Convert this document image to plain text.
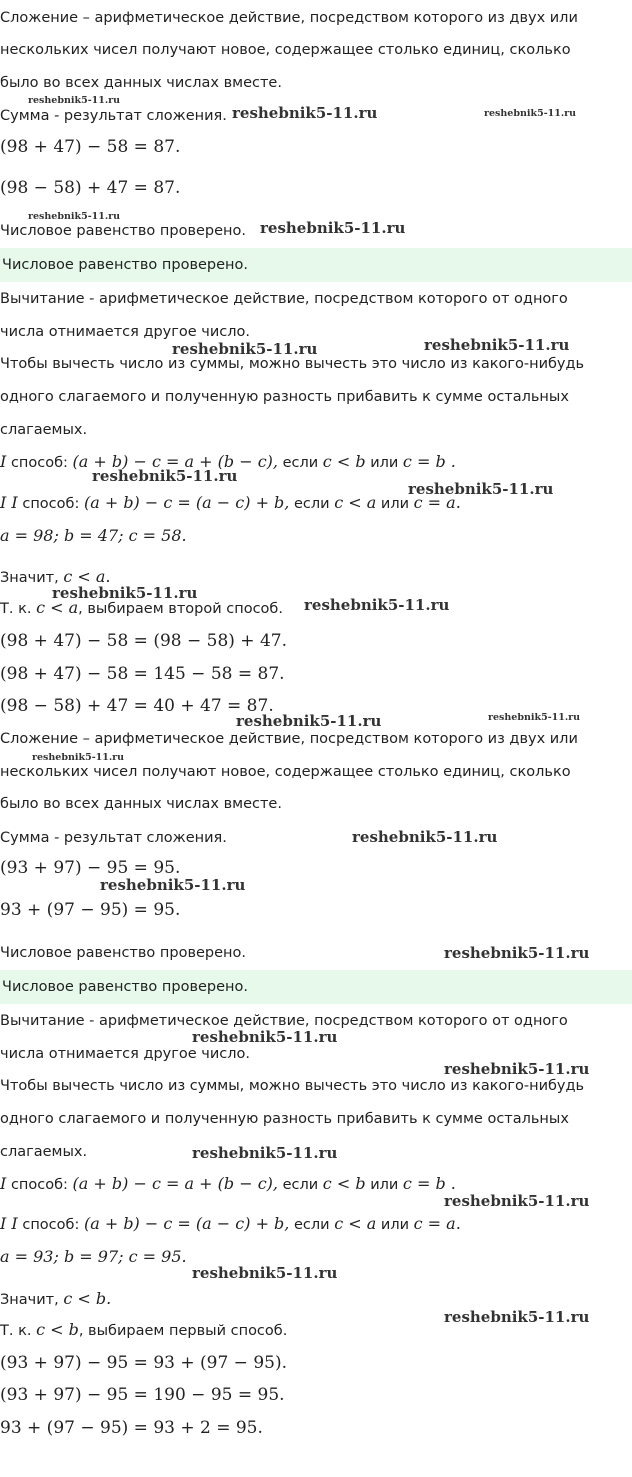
Сложение – арифметическое действие, посредством которого из двух или
нескольких чисел получают новое, содержащее столько единиц, сколько
было во всех данных числах вместе.
Сумма - результат сложения.
(98 + 47) − 58 = 87.
(98 − 58) + 47 = 87.
Числовое равенство проверено.
Числовое равенство проверено.
Вычитание - арифметическое действие, посредством которого от одного
числа отнимается другое число.
Чтобы вычесть число из суммы, можно вычесть это число из какого-нибудь
одного слагаемого и полученную разность прибавить к сумме остальных
слагаемых.
I способ: (a + b) − c = a + (b − c), если c < b или c = b .
I I способ: (a + b) − c = (a − c) + b, если c < a или c = a.
a = 98; b = 47; c = 58.
Значит, c < a.
Т. к. c < a, выбираем второй способ.
(98 + 47) − 58 = (98 − 58) + 47.
(98 + 47) − 58 = 145 − 58 = 87.
(98 − 58) + 47 = 40 + 47 = 87.
Сложение – арифметическое действие, посредством которого из двух или
нескольких чисел получают новое, содержащее столько единиц, сколько
было во всех данных числах вместе.
Сумма - результат сложения.
(93 + 97) − 95 = 95.
93 + (97 − 95) = 95.
Числовое равенство проверено.
Числовое равенство проверено.
Вычитание - арифметическое действие, посредством которого от одного
числа отнимается другое число.
Чтобы вычесть число из суммы, можно вычесть это число из какого-нибудь
одного слагаемого и полученную разность прибавить к сумме остальных
слагаемых.
I способ: (a + b) − c = a + (b − c), если c < b или c = b .
I I способ: (a + b) − c = (a − c) + b, если c < a или c = a.
a = 93; b = 97; c = 95.
Значит, c < b.
Т. к. c < b, выбираем первый способ.
(93 + 97) − 95 = 93 + (97 − 95).
(93 + 97) − 95 = 190 − 95 = 95.
93 + (97 − 95) = 93 + 2 = 95.
reshebnik5-11.ru
reshebnik5-11.ru	reshebnik5-11.ru
reshebnik5-11.ru
reshebnik5-11.ru
reshebnik5-11.ru	reshebnik5-11.ru
reshebnik5-11.ru
reshebnik5-11.ru
reshebnik5-11.ru
reshebnik5-11.ru
reshebnik5-11.ru	reshebnik5-11.ru
reshebnik5-11.ru
reshebnik5-11.ru
reshebnik5-11.ru
reshebnik5-11.ru
reshebnik5-11.ru
reshebnik5-11.ru
reshebnik5-11.ru
reshebnik5-11.ru
reshebnik5-11.ru
reshebnik5-11.ru
